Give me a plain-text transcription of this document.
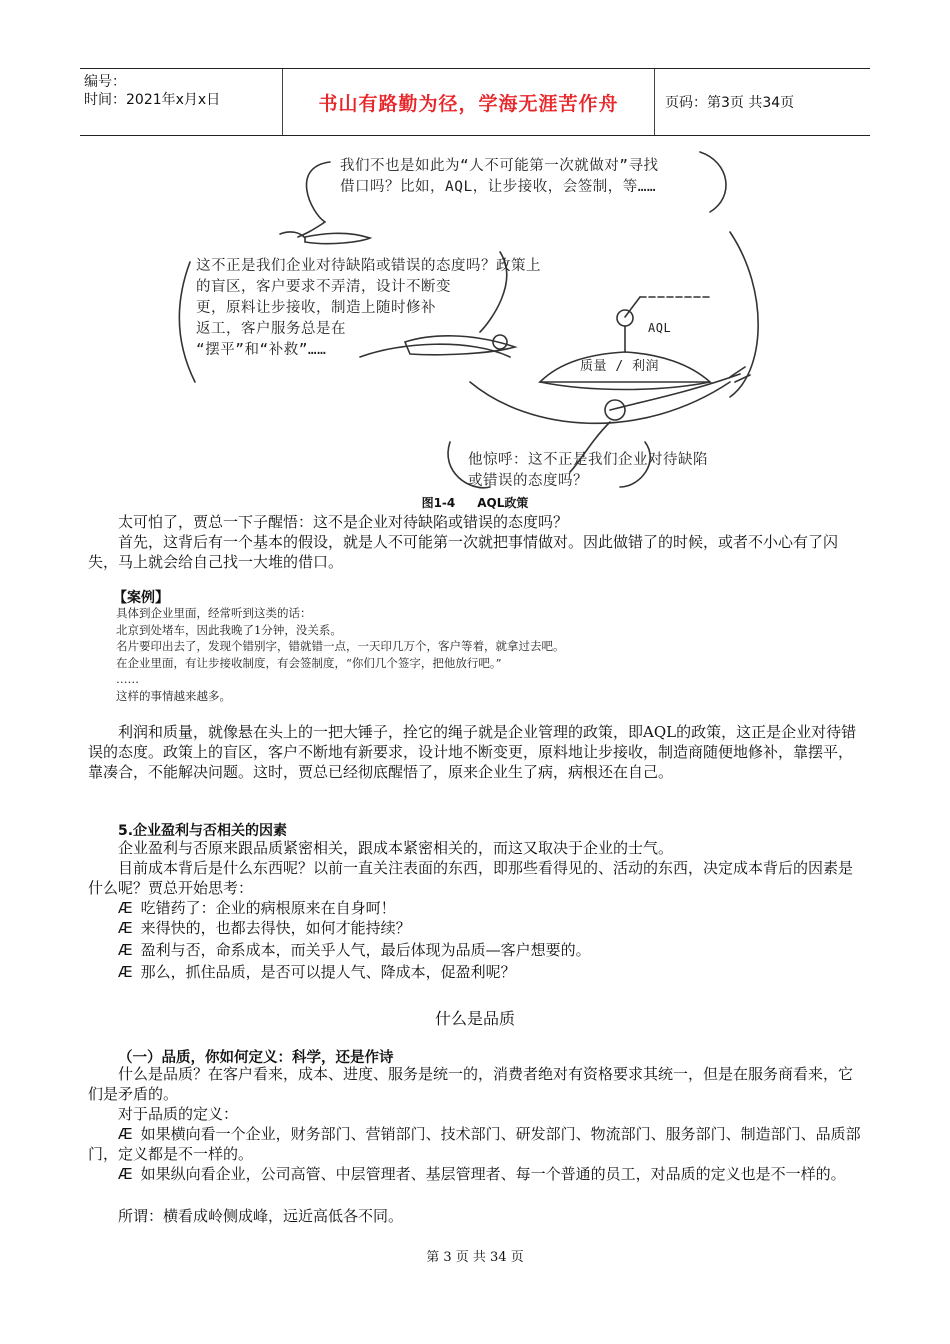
编号：
时间：2021年x月x日	书山有路勤为径，学海无涯苦作舟	页码：第3页 共34页
我们不也是如此为“人不可能第一次就做对”寻找
借口吗？比如，AQL，让步接收，会签制，等……
这不正是我们企业对待缺陷或错误的态度吗？政策上
的盲区，客户要求不弄清，设计不断变
更，原料让步接收，制造上随时修补
返工，客户服务总是在
“摆平”和“补救”……
AQL
质量 / 利润
他惊呼：这不正是我们企业对待缺陷
或错误的态度吗？
图1-4 AQL政策
太可怕了，贾总一下子醒悟：这不是企业对待缺陷或错误的态度吗？
首先，这背后有一个基本的假设，就是人不可能第一次就把事情做对。因此做错了的时候，或者不小心有了闪失，马上就会给自己找一大堆的借口。
【案例】
具体到企业里面，经常听到这类的话：
北京到处堵车，因此我晚了1分钟，没关系。
名片要印出去了，发现个错别字，错就错一点，一天印几万个，客户等着，就拿过去吧。
在企业里面，有让步接收制度，有会签制度，“你们几个签字，把他放行吧。”
……
这样的事情越来越多。
利润和质量，就像悬在头上的一把大锤子，拴它的绳子就是企业管理的政策，即AQL的政策，这正是企业对待错误的态度。政策上的盲区，客户不断地有新要求，设计地不断变更，原料地让步接收，制造商随便地修补，靠摆平，靠凑合，不能解决问题。这时，贾总已经彻底醒悟了，原来企业生了病，病根还在自己。
5.企业盈利与否相关的因素
企业盈利与否原来跟品质紧密相关，跟成本紧密相关的，而这又取决于企业的士气。
目前成本背后是什么东西呢？以前一直关注表面的东西，即那些看得见的、活动的东西，决定成本背后的因素是什么呢？贾总开始思考：
Æ 吃错药了：企业的病根原来在自身呵！
Æ 来得快的，也都去得快，如何才能持续？
Æ 盈利与否，命系成本，而关乎人气，最后体现为品质—客户想要的。
Æ 那么，抓住品质，是否可以提人气、降成本，促盈利呢？
什么是品质
（一）品质，你如何定义：科学，还是作诗
什么是品质？在客户看来，成本、进度、服务是统一的，消费者绝对有资格要求其统一，但是在服务商看来，它们是矛盾的。
对于品质的定义：
Æ 如果横向看一个企业，财务部门、营销部门、技术部门、研发部门、物流部门、服务部门、制造部门、品质部门，定义都是不一样的。
Æ 如果纵向看企业，公司高管、中层管理者、基层管理者、每一个普通的员工，对品质的定义也是不一样的。
所谓：横看成岭侧成峰，远近高低各不同。
第 3 页 共 34 页
